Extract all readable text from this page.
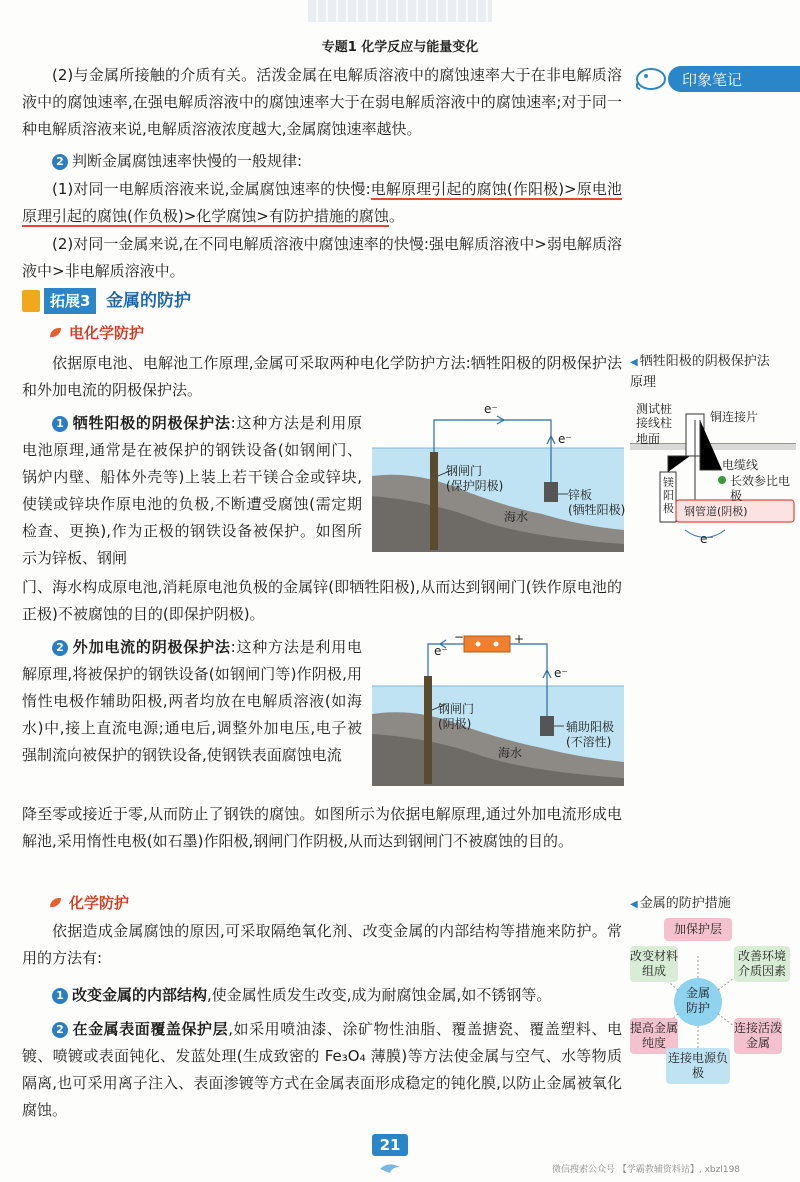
专题1 化学反应与能量变化
印象笔记
(2)与金属所接触的介质有关。活泼金属在电解质溶液中的腐蚀速率大于在非电解质溶液中的腐蚀速率,在强电解质溶液中的腐蚀速率大于在弱电解质溶液中的腐蚀速率;对于同一种电解质溶液来说,电解质溶液浓度越大,金属腐蚀速率越快。
2 判断金属腐蚀速率快慢的一般规律:
(1)对同一电解质溶液来说,金属腐蚀速率的快慢:电解原理引起的腐蚀(作阳极)>原电池原理引起的腐蚀(作负极)>化学腐蚀>有防护措施的腐蚀。
(2)对同一金属来说,在不同电解质溶液中腐蚀速率的快慢:强电解质溶液中>弱电解质溶液中>非电解质溶液中。
拓展3 金属的防护
电化学防护
依据原电池、电解池工作原理,金属可采取两种电化学防护方法:牺牲阳极的阴极保护法和外加电流的阴极保护法。
1 牺牲阳极的阴极保护法:这种方法是利用原电池原理,通常是在被保护的钢铁设备(如钢闸门、锅炉内壁、船体外壳等)上装上若干镁合金或锌块,使镁或锌块作原电池的负极,不断遭受腐蚀(需定期检查、更换),作为正极的钢铁设备被保护。如图所示为锌板、钢闸
门、海水构成原电池,消耗原电池负极的金属锌(即牺牲阳极),从而达到钢闸门(铁作原电池的正极)不被腐蚀的目的(即保护阴极)。
e⁻
e⁻
钢闸门
(保护阴极)
锌板
(牺牲阳极)
海水
2 外加电流的阴极保护法:这种方法是利用电解原理,将被保护的钢铁设备(如钢闸门等)作阴极,用惰性电极作辅助阳极,两者均放在电解质溶液(如海水)中,接上直流电源;通电后,调整外加电压,电子被强制流向被保护的钢铁设备,使钢铁表面腐蚀电流
降至零或接近于零,从而防止了钢铁的腐蚀。如图所示为依据电解原理,通过外加电流形成电解池,采用惰性电极(如石墨)作阳极,钢闸门作阴极,从而达到钢闸门不被腐蚀的目的。
e⁻
e⁻
−	+
钢闸门
(阴极)	辅助阳极
(不溶性)
海水
化学防护
依据造成金属腐蚀的原因,可采取隔绝氧化剂、改变金属的内部结构等措施来防护。常用的方法有:
1 改变金属的内部结构,使金属性质发生改变,成为耐腐蚀金属,如不锈钢等。
2 在金属表面覆盖保护层,如采用喷油漆、涂矿物性油脂、覆盖搪瓷、覆盖塑料、电镀、喷镀或表面钝化、发蓝处理(生成致密的 Fe₃O₄ 薄膜)等方法使金属与空气、水等物质隔离,也可采用离子注入、表面渗镀等方式在金属表面形成稳定的钝化膜,以防止金属被氧化腐蚀。
◀ 牺牲阳极的阴极保护法原理
测试桩
接线柱
地面
铜连接片
电缆线
长效参比电极
镁阳极 钢管道(阴极)
e⁻
◀ 金属的防护措施
金属
防护
加保护层
改变材料组成
改善环境介质因素
提高金属纯度
连接活泼金属
连接电源负极
21
微信搜索公众号 【学霸教辅资料站】, xbzl198
